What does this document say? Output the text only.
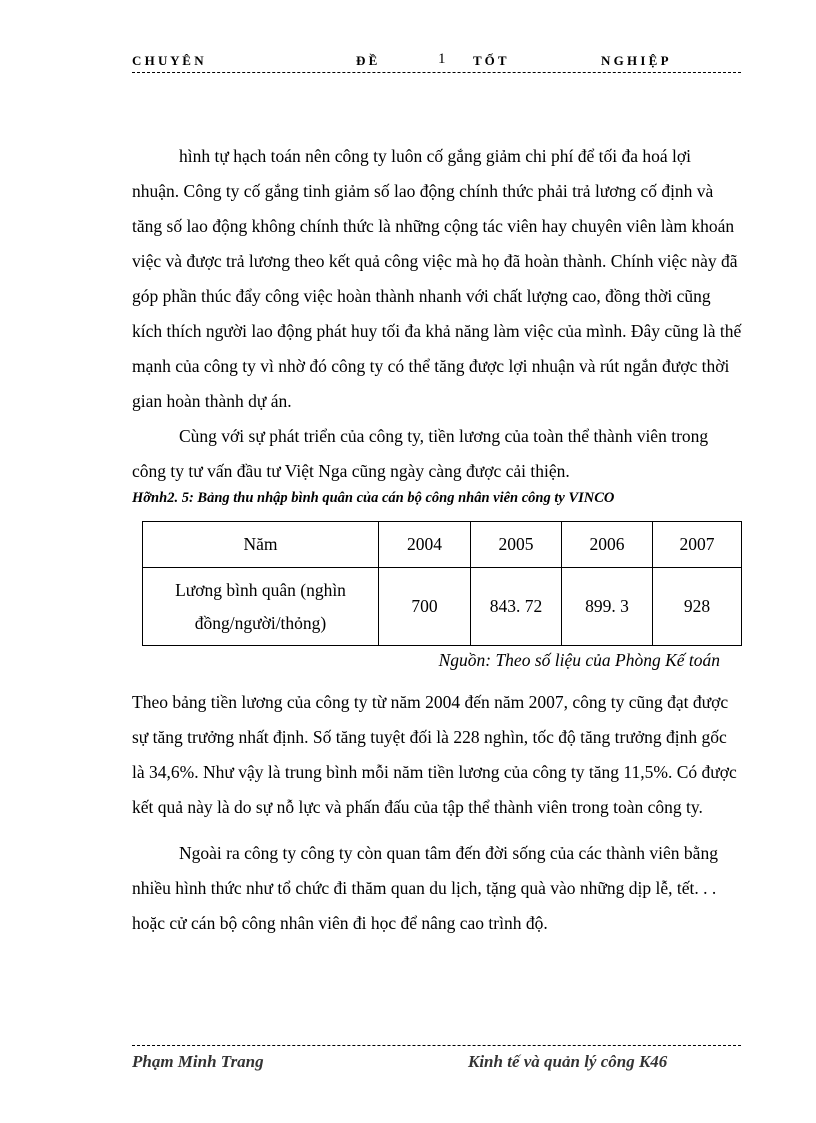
C H U Y Ê N	Đ Ề	1 T Ố T	N G H I Ệ P

hình tự hạch toán nên công ty luôn cố gắng giảm chi phí để tối đa hoá lợi nhuận. Công ty cố gắng tinh giảm số lao động chính thức phải trả lương cố định và tăng số lao động không chính thức là những cộng tác viên hay chuyên viên làm khoán việc và được trả lương theo kết quả công việc mà họ đã hoàn thành. Chính việc này đã góp phần thúc đẩy công việc hoàn thành nhanh với chất lượng cao, đồng thời cũng kích thích người lao động phát huy tối đa khả năng làm việc của mình. Đây cũng là thế mạnh của công ty vì nhờ đó công ty có thể tăng được lợi nhuận và rút ngắn được thời gian hoàn thành dự án.

Cùng với sự phát triển của công ty, tiền lương của toàn thể thành viên trong công ty tư vấn đầu tư Việt Nga cũng ngày càng được cải thiện.

Hỡnh2. 5: Bảng thu nhập bình quân của cán bộ công nhân viên công ty VINCO
Năm	2004	2005	2006	2007
Lương bình quân (nghìn đồng/người/thỏng)	700	843. 72	899. 3	928
Nguồn: Theo số liệu của Phòng Kế toán

Theo bảng tiền lương của công ty từ năm 2004 đến năm 2007, công ty cũng đạt được sự tăng trưởng nhất định. Số tăng tuyệt đối là 228 nghìn, tốc độ tăng trưởng định gốc là 34,6%. Như vậy là trung bình mỗi năm tiền lương của công ty tăng 11,5%. Có được kết quả này là do sự nỗ lực và phấn đấu của tập thể thành viên trong toàn công ty.

Ngoài ra công ty công ty còn quan tâm đến đời sống của các thành viên bằng nhiều hình thức như tổ chức đi thăm quan du lịch, tặng quà vào những dịp lễ, tết. . . hoặc cử cán bộ công nhân viên đi học để nâng cao trình độ.

Phạm Minh Trang	Kinh tế và quản lý công K46
